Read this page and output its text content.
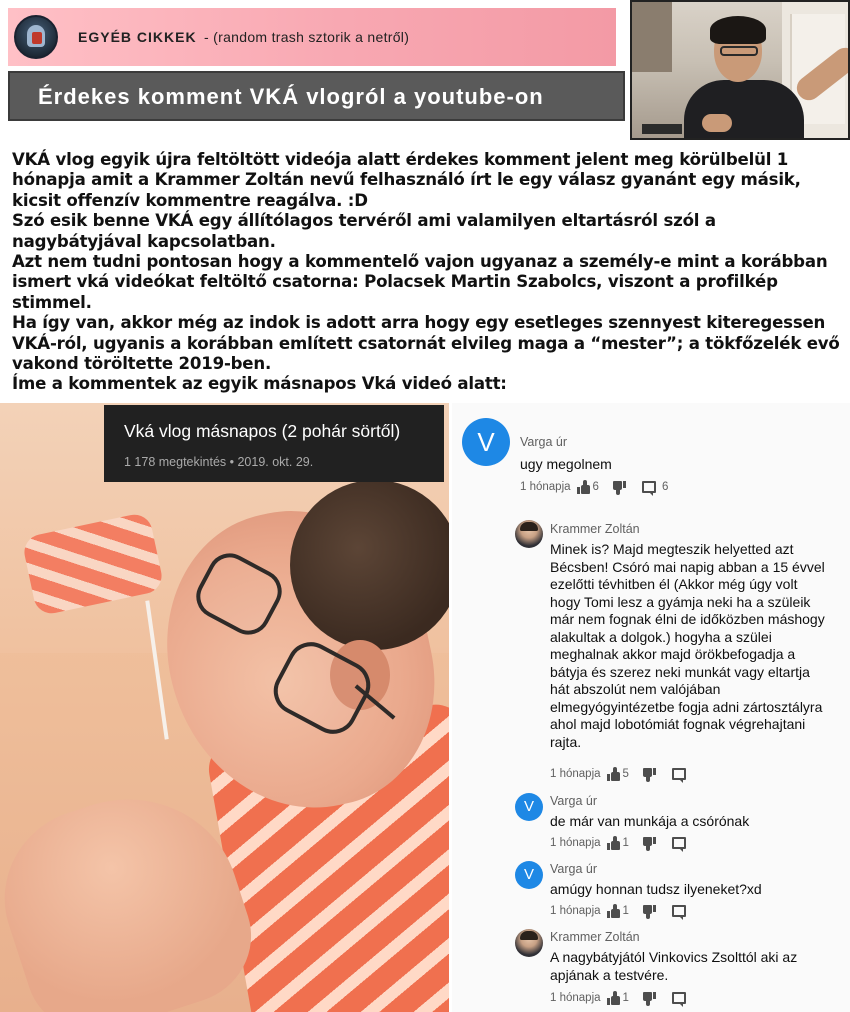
EGYÉB CIKKEK - (random trash sztorik a netről)
Érdekes komment VKÁ vlogról a youtube-on

VKÁ vlog egyik újra feltöltött videója alatt érdekes komment jelent meg körülbelül 1 hónapja amit a Krammer Zoltán nevű felhasználó írt le egy válasz gyanánt egy másik, kicsit offenzív kommentre reagálva. :D

Szó esik benne VKÁ egy állítólagos tervéről ami valamilyen eltartásról szól a nagybátyjával kapcsolatban.

Azt nem tudni pontosan hogy a kommentelő vajon ugyanaz a személy-e mint a korábban ismert vká videókat feltöltő csatorna: Polacsek Martin Szabolcs, viszont a profilkép stimmel.

Ha így van, akkor még az indok is adott arra hogy egy esetleges szennyest kiteregessen VKÁ-ról, ugyanis a korábban említett csatornát elvileg maga a “mester”; a tökfőzelék evő vakond töröltette 2019-ben.

Íme a kommentek az egyik másnapos Vká videó alatt:

Vká vlog másnapos (2 pohár sörtől)
1 178 megtekintés • 2019. okt. 29.
V	Varga úr
ugy megolnem
1 hónapja 6	6
Krammer Zoltán
Minek is? Majd megteszik helyetted azt Bécsben! Csóró mai napig abban a 15 évvel ezelőtti tévhitben él (Akkor még úgy volt hogy Tomi lesz a gyámja neki ha a szüleik már nem fognak élni de időközben máshogy alakultak a dolgok.) hogyha a szülei meghalnak akkor majd örökbefogadja a bátyja és szerez neki munkát vagy eltartja hát abszolút nem valójában elmegyógyintézetbe fogja adni zártosztályra ahol majd lobotómiát fognak végrehajtani rajta.
1 hónapja 5
V	Varga úr
de már van munkája a csórónak
1 hónapja 1
V	Varga úr
amúgy honnan tudsz ilyeneket?xd
1 hónapja 1
Krammer Zoltán
A nagybátyjától Vinkovics Zsolttól aki az apjának a testvére.
1 hónapja 1
